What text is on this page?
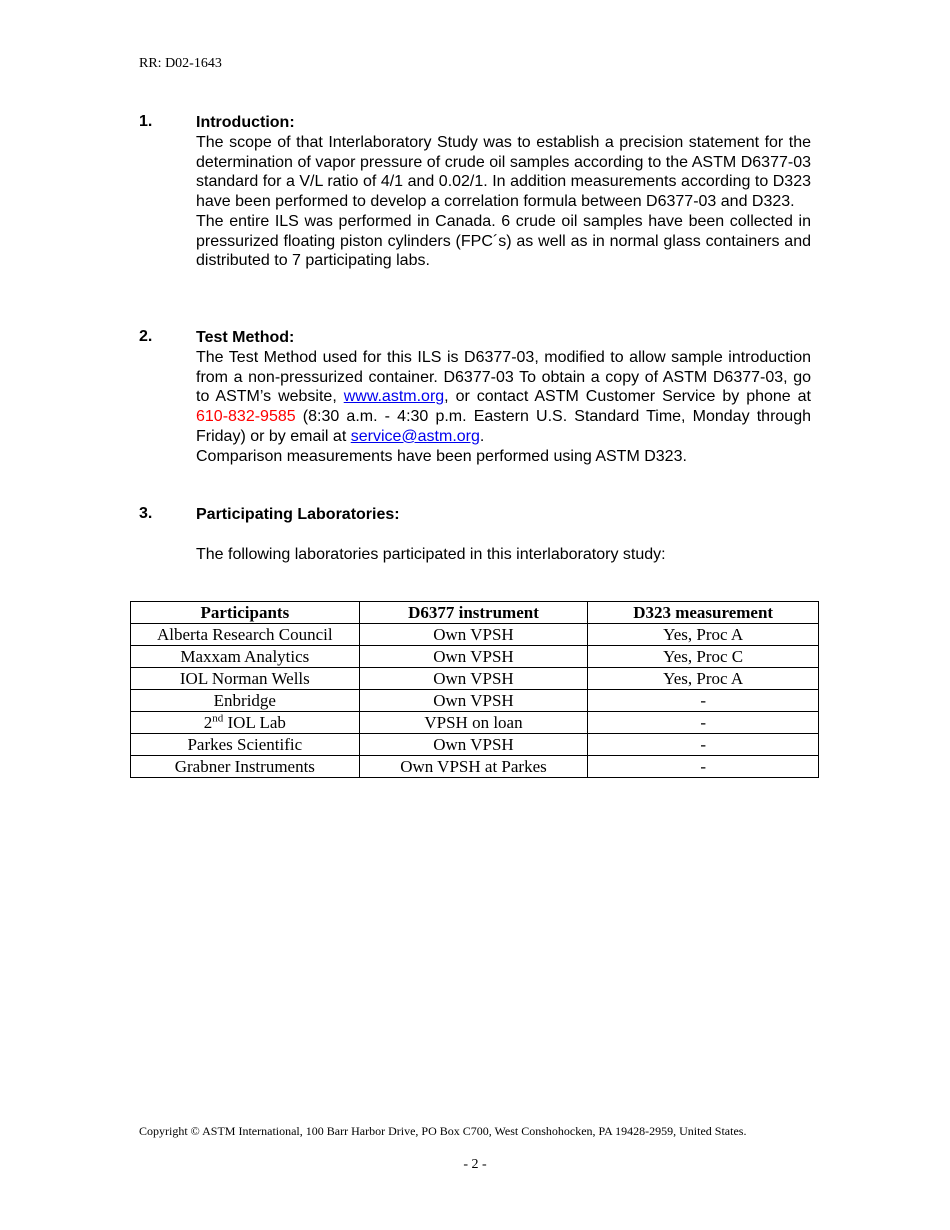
RR: D02-1643
1.	Introduction:

The scope of that Interlaboratory Study was to establish a precision statement for the determination of vapor pressure of crude oil samples according to the ASTM D6377-03 standard for a V/L ratio of 4/1 and 0.02/1. In addition measurements according to D323 have been performed to develop a correlation formula between D6377-03 and D323.

The entire ILS was performed in Canada. 6 crude oil samples have been collected in pressurized floating piston cylinders (FPC´s) as well as in normal glass containers and distributed to 7 participating labs.

2.	Test Method:

The Test Method used for this ILS is D6377-03, modified to allow sample introduction from a non-pressurized container. D6377-03 To obtain a copy of ASTM D6377-03, go to ASTM’s website, www.astm.org, or contact ASTM Customer Service by phone at 610-832-9585 (8:30 a.m. - 4:30 p.m. Eastern U.S. Standard Time, Monday through Friday) or by email at service@astm.org.

Comparison measurements have been performed using ASTM D323.

3.	Participating Laboratories:
The following laboratories participated in this interlaboratory study:
Participants	D6377 instrument	D323 measurement
Alberta Research Council	Own VPSH	Yes, Proc A
Maxxam Analytics	Own VPSH	Yes, Proc C
IOL Norman Wells	Own VPSH	Yes, Proc A
Enbridge	Own VPSH	-
2nd IOL Lab	VPSH on loan	-
Parkes Scientific	Own VPSH	-
Grabner Instruments	Own VPSH at Parkes	-
Copyright © ASTM International, 100 Barr Harbor Drive, PO Box C700, West Conshohocken, PA 19428-2959, United States.
- 2 -
